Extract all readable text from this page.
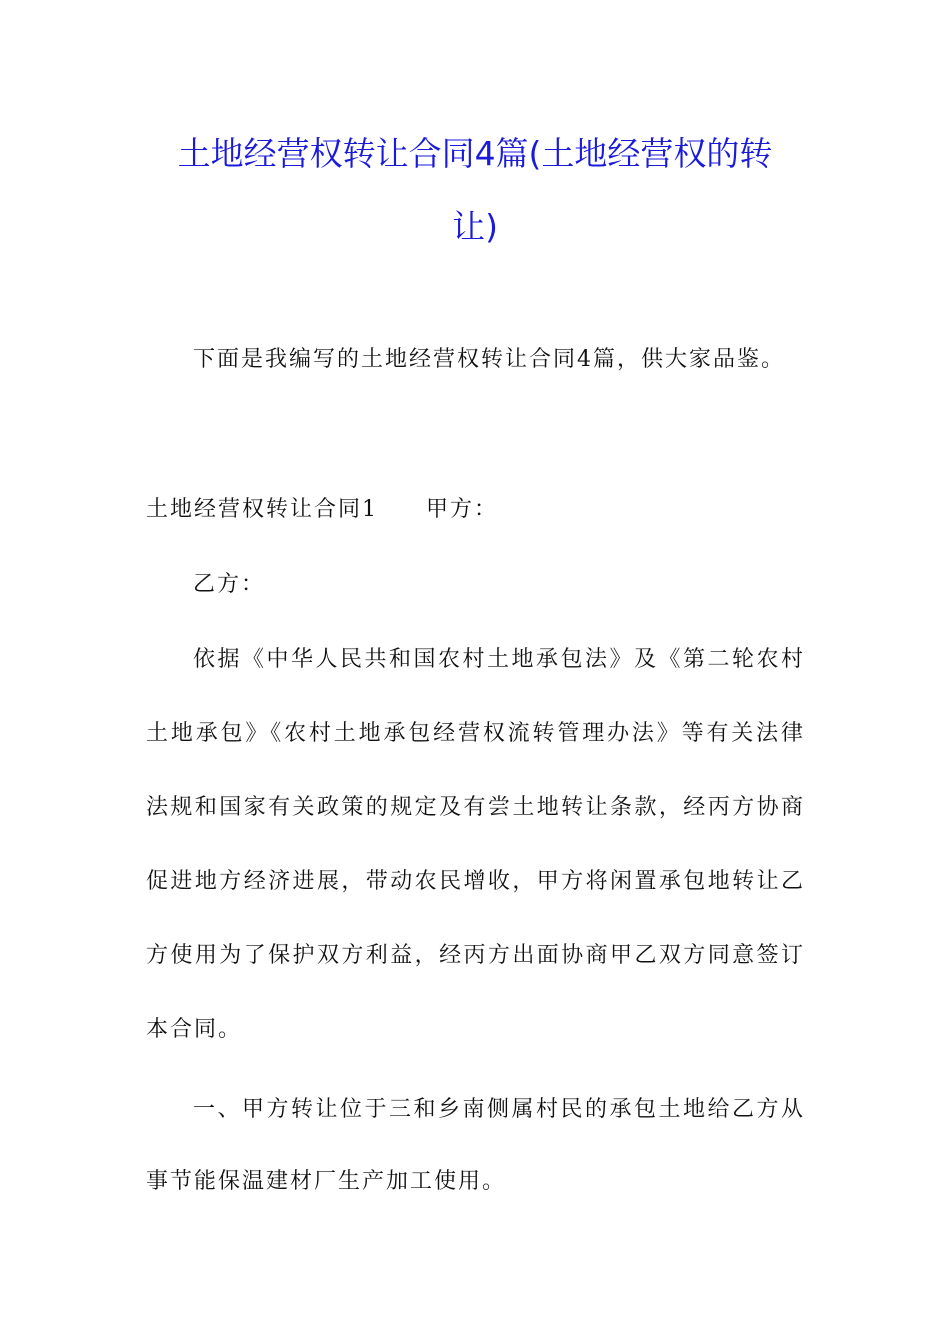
土地经营权转让合同4篇(土地经营权的转
让)

下面是我编写的土地经营权转让合同4篇，供大家品鉴。

土地经营权转让合同1 甲方：

乙方：

依据《中华人民共和国农村土地承包法》及《第二轮农村

土地承包》《农村土地承包经营权流转管理办法》等有关法律

法规和国家有关政策的规定及有尝土地转让条款，经丙方协商

促进地方经济进展，带动农民增收，甲方将闲置承包地转让乙

方使用为了保护双方利益，经丙方出面协商甲乙双方同意签订

本合同。

一、甲方转让位于三和乡南侧属村民的承包土地给乙方从

事节能保温建材厂生产加工使用。
